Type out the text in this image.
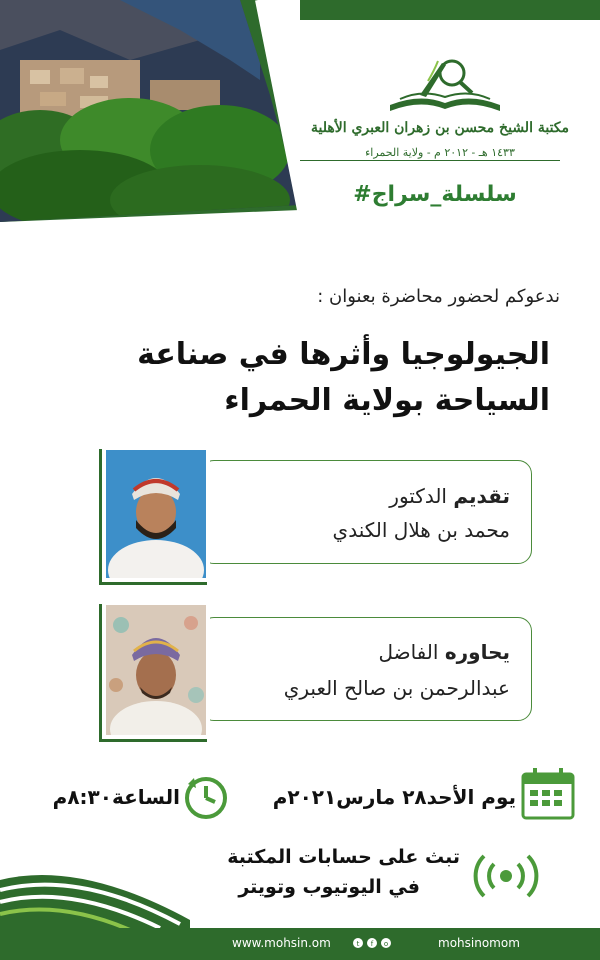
مكتبة الشيخ محسن بن زهران العبري الأهلية
١٤٣٣ هـ - ٢٠١٢ م - ولاية الحمراء
#سلسلة_سراج
ندعوكم لحضور محاضرة بعنوان :
الجيولوجيا وأثرها في صناعة
السياحة بولاية الحمراء
تقديم الدكتور
محمد بن هلال الكندي
يحاوره الفاضل
عبدالرحمن بن صالح العبري
يوم الأحد٢٨ مارس٢٠٢١م
الساعة٨:٣٠م
تبث على حسابات المكتبة
في اليوتيوب وتويتر
www.mohsin.om	t f o	mohsinomom
